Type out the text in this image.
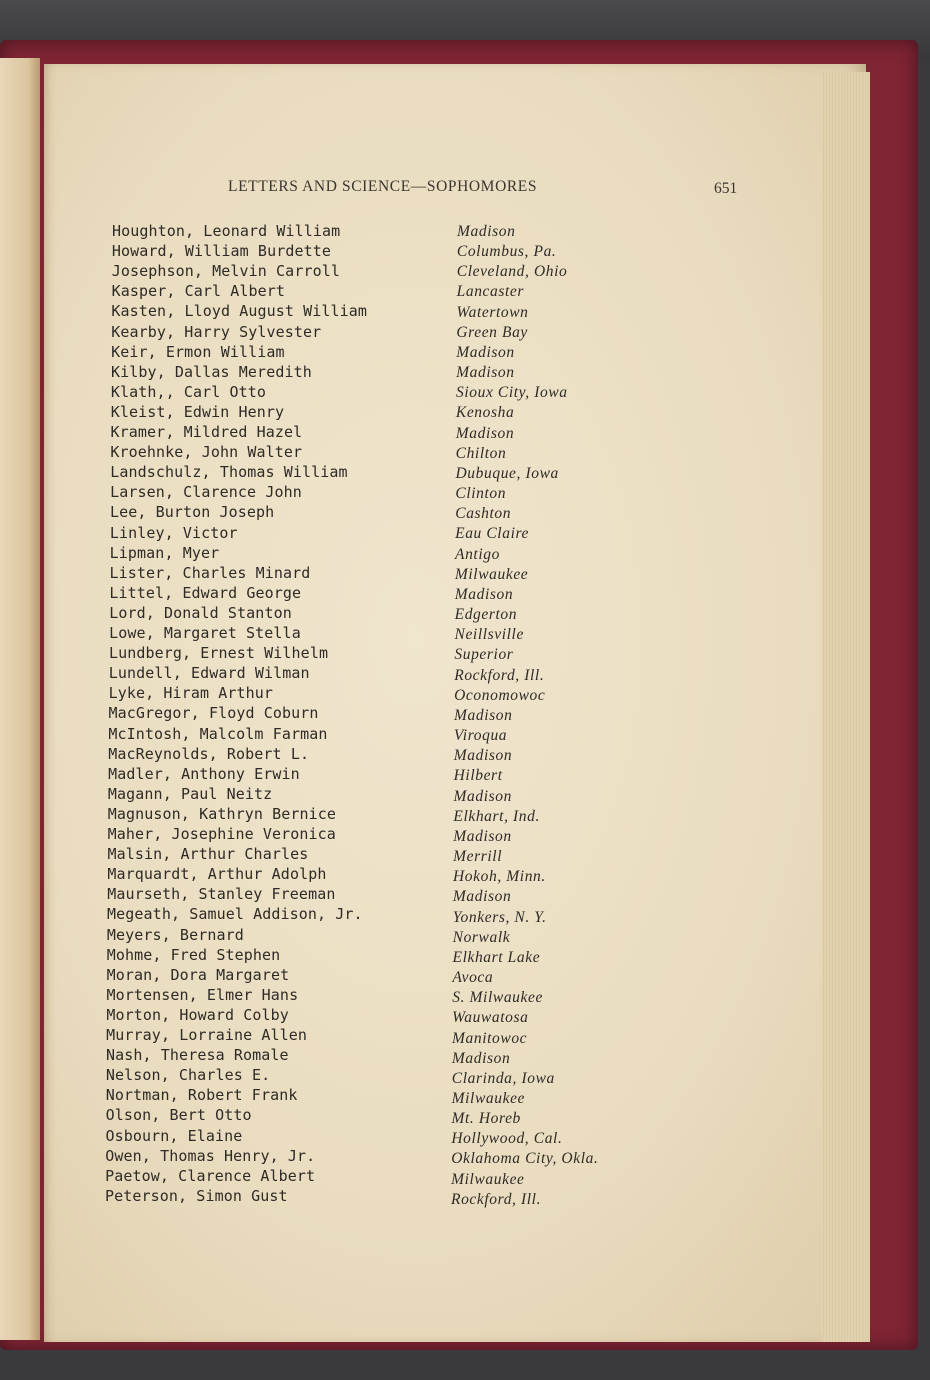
LETTERS AND SCIENCE—SOPHOMORES	651
Houghton, Leonard William	Madison
Howard, William Burdette	Columbus, Pa.
Josephson, Melvin Carroll	Cleveland, Ohio
Kasper, Carl Albert	Lancaster
Kasten, Lloyd August William	Watertown
Kearby, Harry Sylvester	Green Bay
Keir, Ermon William	Madison
Kilby, Dallas Meredith	Madison
Klath,, Carl Otto	Sioux City, Iowa
Kleist, Edwin Henry	Kenosha
Kramer, Mildred Hazel	Madison
Kroehnke, John Walter	Chilton
Landschulz, Thomas William	Dubuque, Iowa
Larsen, Clarence John	Clinton
Lee, Burton Joseph	Cashton
Linley, Victor	Eau Claire
Lipman, Myer	Antigo
Lister, Charles Minard	Milwaukee
Littel, Edward George	Madison
Lord, Donald Stanton	Edgerton
Lowe, Margaret Stella	Neillsville
Lundberg, Ernest Wilhelm	Superior
Lundell, Edward Wilman	Rockford, Ill.
Lyke, Hiram Arthur	Oconomowoc
MacGregor, Floyd Coburn	Madison
McIntosh, Malcolm Farman	Viroqua
MacReynolds, Robert L.	Madison
Madler, Anthony Erwin	Hilbert
Magann, Paul Neitz	Madison
Magnuson, Kathryn Bernice	Elkhart, Ind.
Maher, Josephine Veronica	Madison
Malsin, Arthur Charles	Merrill
Marquardt, Arthur Adolph	Hokoh, Minn.
Maurseth, Stanley Freeman	Madison
Megeath, Samuel Addison, Jr.	Yonkers, N. Y.
Meyers, Bernard	Norwalk
Mohme, Fred Stephen	Elkhart Lake
Moran, Dora Margaret	Avoca
Mortensen, Elmer Hans	S. Milwaukee
Morton, Howard Colby	Wauwatosa
Murray, Lorraine Allen	Manitowoc
Nash, Theresa Romale	Madison
Nelson, Charles E.	Clarinda, Iowa
Nortman, Robert Frank	Milwaukee
Olson, Bert Otto	Mt. Horeb
Osbourn, Elaine	Hollywood, Cal.
Owen, Thomas Henry, Jr.	Oklahoma City, Okla.
Paetow, Clarence Albert	Milwaukee
Peterson, Simon Gust	Rockford, Ill.
